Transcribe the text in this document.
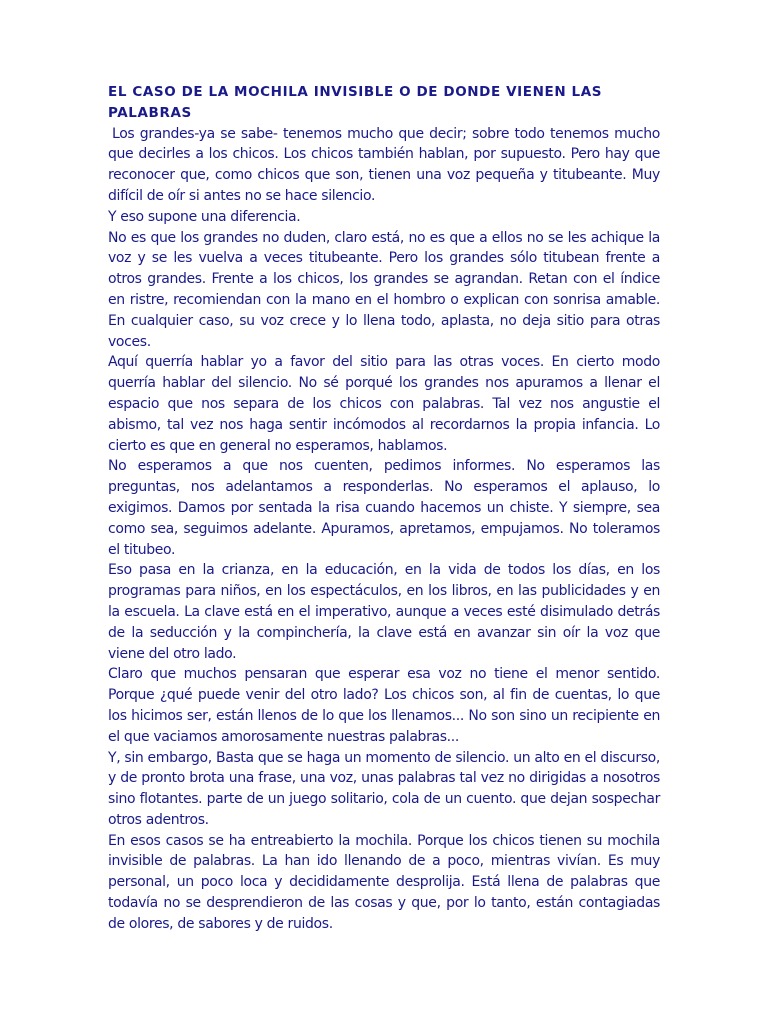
EL CASO DE LA MOCHILA INVISIBLE O DE DONDE VIENEN LAS PALABRAS

Los grandes-ya se sabe- tenemos mucho que decir; sobre todo tenemos mucho que decirles a los chicos. Los chicos también hablan, por supuesto. Pero hay que reconocer que, como chicos que son, tienen una voz pequeña y titubeante. Muy difícil de oír si antes no se hace silencio.

Y eso supone una diferencia.

No es que los grandes no duden, claro está, no es que a ellos no se les achique la voz y se les vuelva a veces titubeante. Pero los grandes sólo titubean frente a otros grandes. Frente a los chicos, los grandes se agrandan. Retan con el índice en ristre, recomiendan con la mano en el hombro o explican con sonrisa amable. En cualquier caso, su voz crece y lo llena todo, aplasta, no deja sitio para otras voces.

Aquí querría hablar yo a favor del sitio para las otras voces. En cierto modo querría hablar del silencio. No sé porqué los grandes nos apuramos a llenar el espacio que nos separa de los chicos con palabras. Tal vez nos angustie el abismo, tal vez nos haga sentir incómodos al recordarnos la propia infancia. Lo cierto es que en general no esperamos, hablamos.

No esperamos a que nos cuenten, pedimos informes. No esperamos las preguntas, nos adelantamos a responderlas. No esperamos el aplauso, lo exigimos. Damos por sentada la risa cuando hacemos un chiste. Y siempre, sea como sea, seguimos adelante. Apuramos, apretamos, empujamos. No toleramos el titubeo.

Eso pasa en la crianza, en la educación, en la vida de todos los días, en los programas para niños, en los espectáculos, en los libros, en las publicidades y en la escuela. La clave está en el imperativo, aunque a veces esté disimulado detrás de la seducción y la compinchería, la clave está en avanzar sin oír la voz que viene del otro lado.

Claro que muchos pensaran que esperar esa voz no tiene el menor sentido. Porque ¿qué puede venir del otro lado? Los chicos son, al fin de cuentas, lo que los hicimos ser, están llenos de lo que los llenamos... No son sino un recipiente en el que vaciamos amorosamente nuestras palabras...

Y, sin embargo, Basta que se haga un momento de silencio. un alto en el discurso, y de pronto brota una frase, una voz, unas palabras tal vez no dirigidas a nosotros sino flotantes. parte de un juego solitario, cola de un cuento. que dejan sospechar otros adentros.

En esos casos se ha entreabierto la mochila. Porque los chicos tienen su mochila invisible de palabras. La han ido llenando de a poco, mientras vivían. Es muy personal, un poco loca y decididamente desprolija. Está llena de palabras que todavía no se desprendieron de las cosas y que, por lo tanto, están contagiadas de olores, de sabores y de ruidos.
